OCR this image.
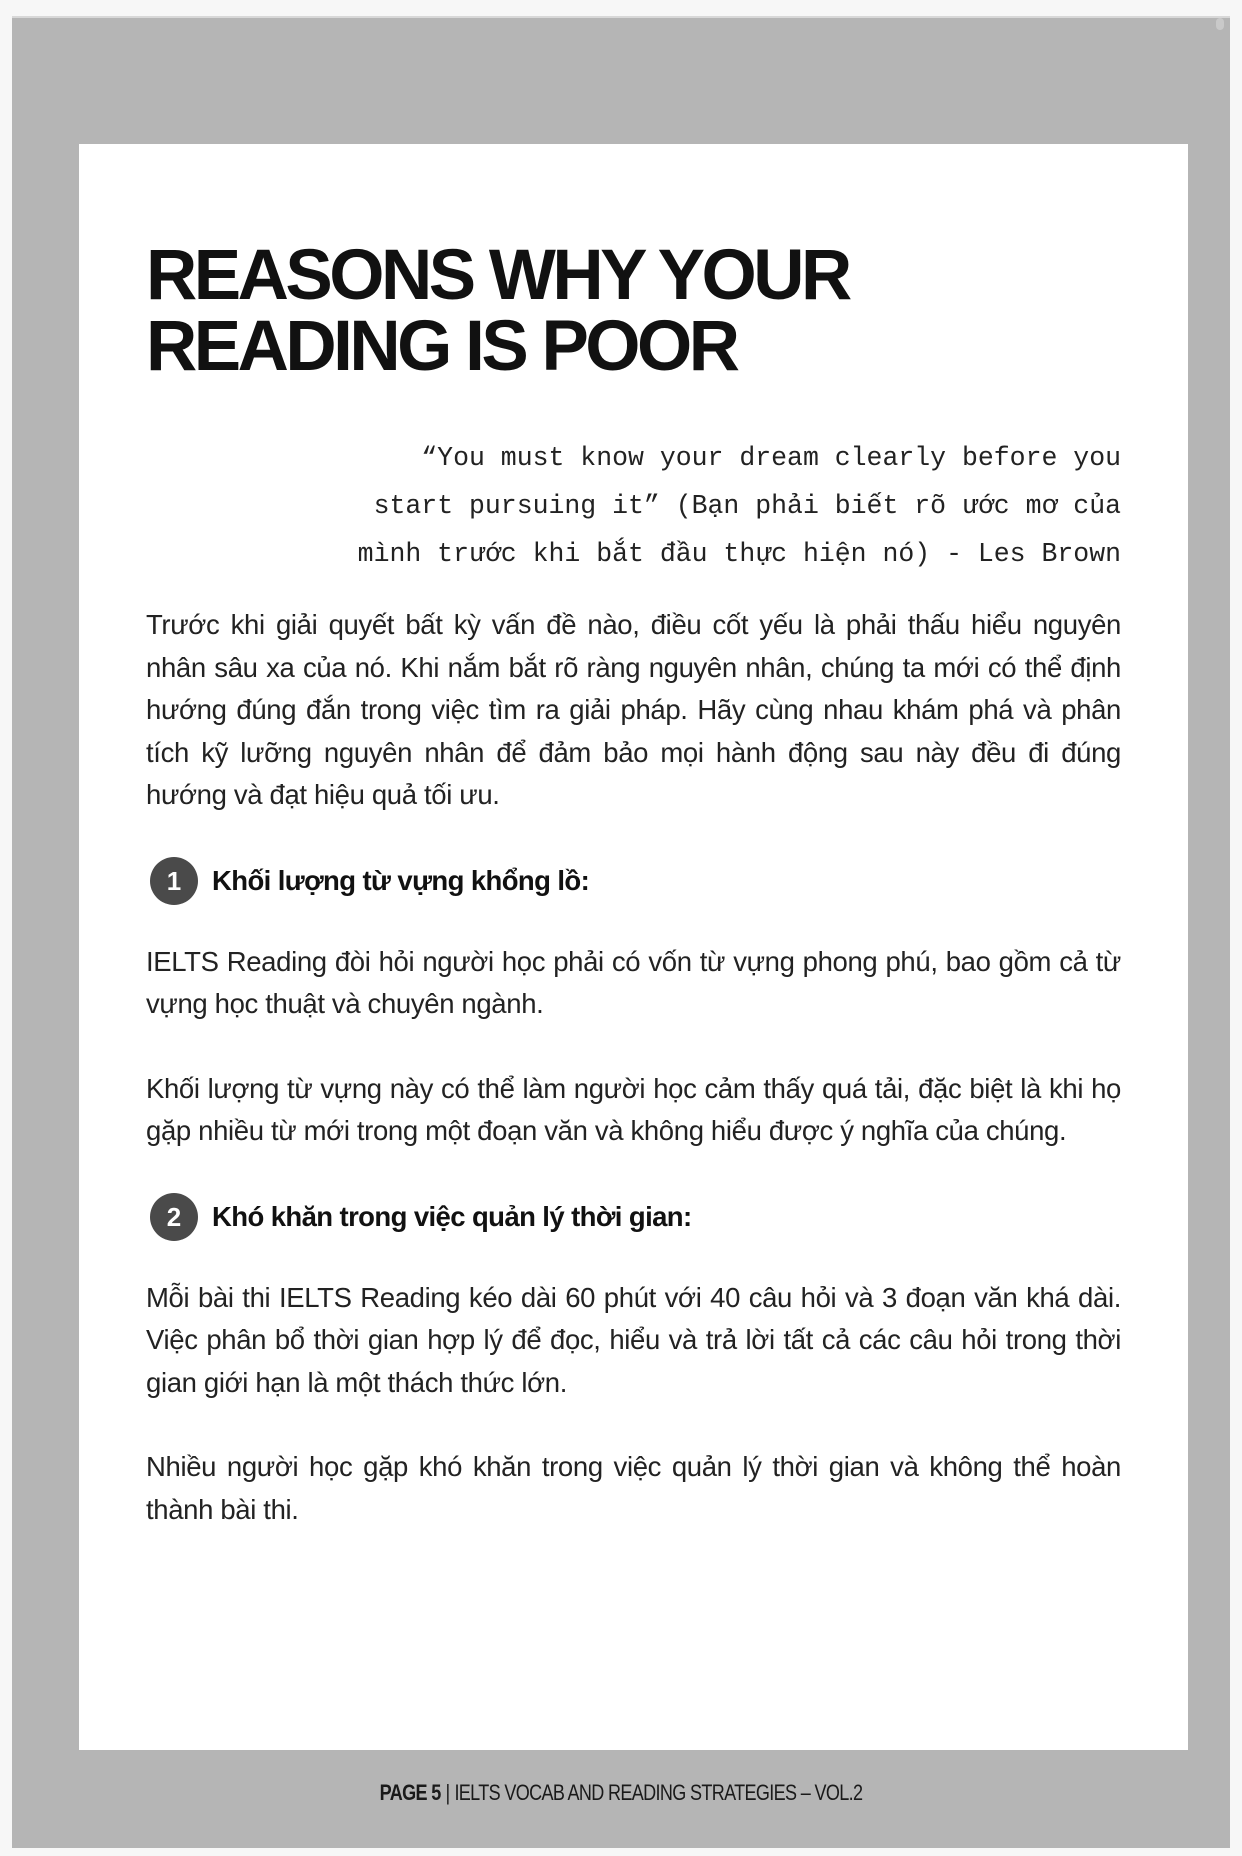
REASONS WHY YOUR
READING IS POOR
“You must know your dream clearly before you
start pursuing it” (Bạn phải biết rõ ước mơ của
mình trước khi bắt đầu thực hiện nó) - Les Brown

Trước khi giải quyết bất kỳ vấn đề nào, điều cốt yếu là phải thấu hiểu nguyên nhân sâu xa của nó. Khi nắm bắt rõ ràng nguyên nhân, chúng ta mới có thể định hướng đúng đắn trong việc tìm ra giải pháp. Hãy cùng nhau khám phá và phân tích kỹ lưỡng nguyên nhân để đảm bảo mọi hành động sau này đều đi đúng hướng và đạt hiệu quả tối ưu.

1	Khối lượng từ vựng khổng lồ:

IELTS Reading đòi hỏi người học phải có vốn từ vựng phong phú, bao gồm cả từ vựng học thuật và chuyên ngành.

Khối lượng từ vựng này có thể làm người học cảm thấy quá tải, đặc biệt là khi họ gặp nhiều từ mới trong một đoạn văn và không hiểu được ý nghĩa của chúng.

2	Khó khăn trong việc quản lý thời gian:

Mỗi bài thi IELTS Reading kéo dài 60 phút với 40 câu hỏi và 3 đoạn văn khá dài. Việc phân bổ thời gian hợp lý để đọc, hiểu và trả lời tất cả các câu hỏi trong thời gian giới hạn là một thách thức lớn.

Nhiều người học gặp khó khăn trong việc quản lý thời gian và không thể hoàn thành bài thi.

PAGE 5 | IELTS VOCAB AND READING STRATEGIES – VOL.2
